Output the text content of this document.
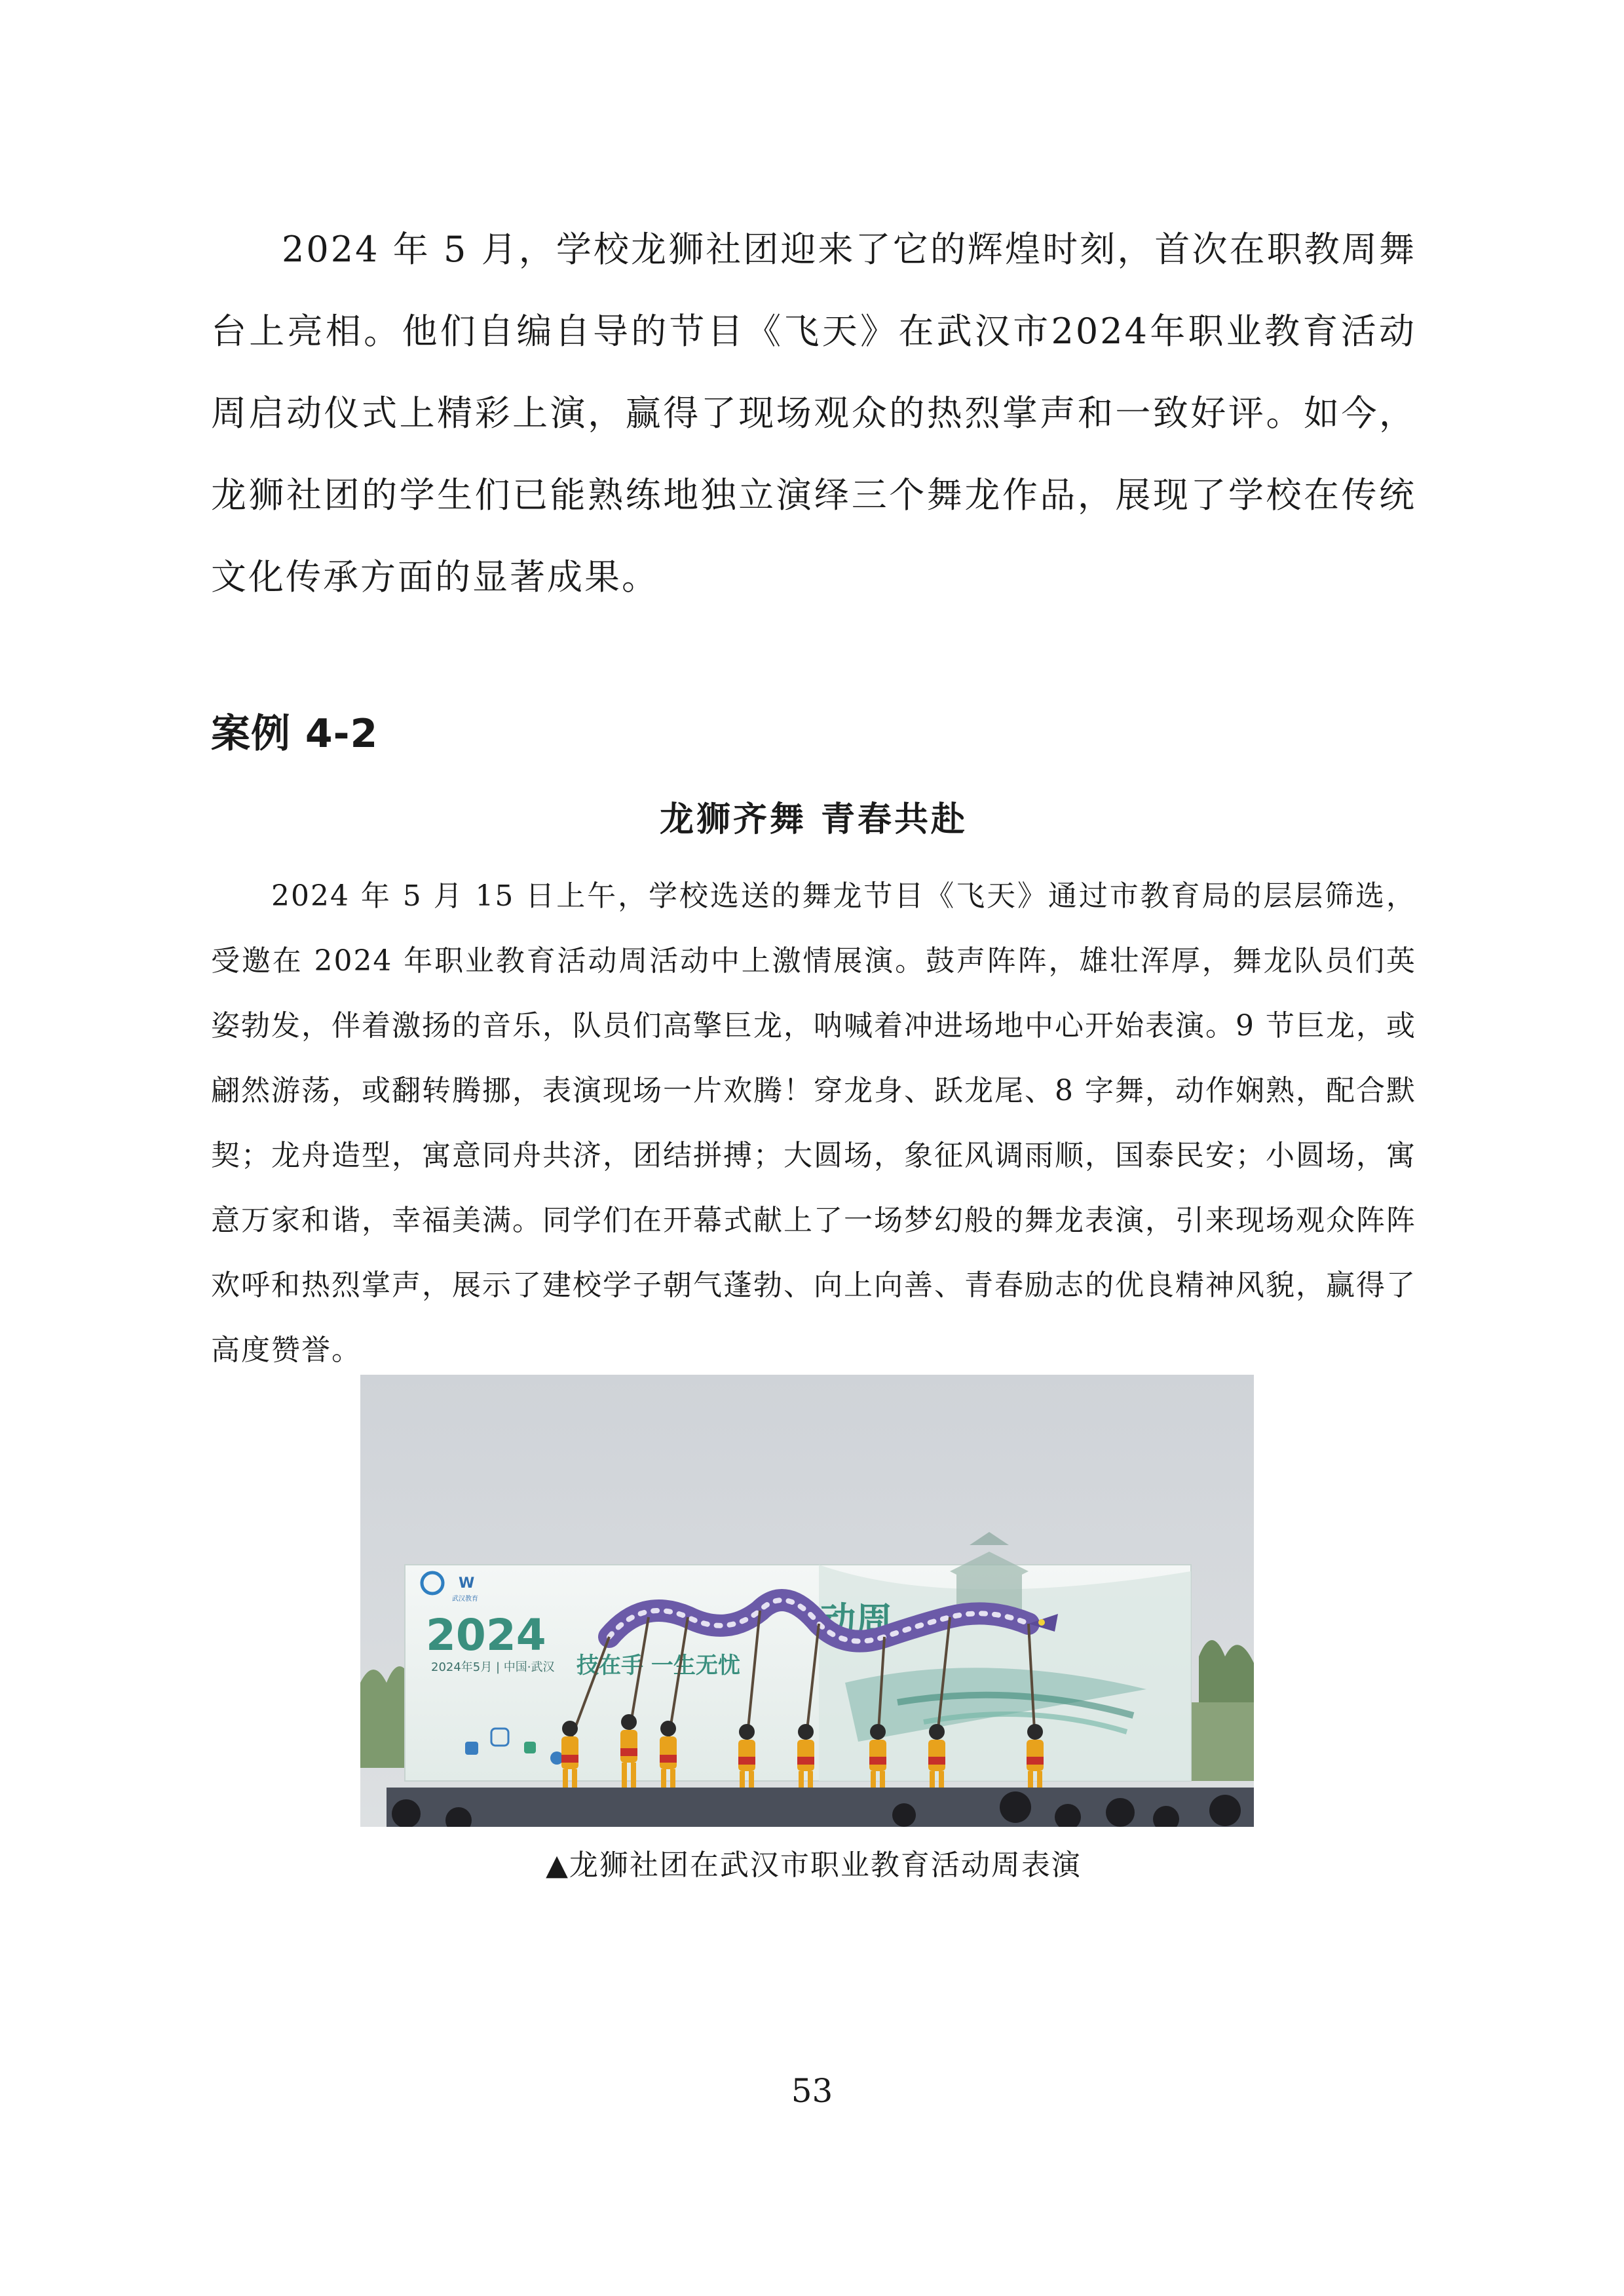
2024 年 5 月，学校龙狮社团迎来了它的辉煌时刻，首次在职教周舞台上亮相。他们自编自导的节目《飞天》在武汉市2024年职业教育活动周启动仪式上精彩上演，赢得了现场观众的热烈掌声和一致好评。如今，龙狮社团的学生们已能熟练地独立演绎三个舞龙作品，展现了学校在传统文化传承方面的显著成果。

案例 4-2
龙狮齐舞 青春共赴

2024 年 5 月 15 日上午，学校选送的舞龙节目《飞天》通过市教育局的层层筛选，受邀在 2024 年职业教育活动周活动中上激情展演。鼓声阵阵，雄壮浑厚，舞龙队员们英姿勃发，伴着激扬的音乐，队员们高擎巨龙，呐喊着冲进场地中心开始表演。9 节巨龙，或翩然游荡，或翻转腾挪，表演现场一片欢腾！穿龙身、跃龙尾、8 字舞，动作娴熟，配合默契；龙舟造型，寓意同舟共济，团结拼搏；大圆场，象征风调雨顺，国泰民安；小圆场，寓意万家和谐，幸福美满。同学们在开幕式献上了一场梦幻般的舞龙表演，引来现场观众阵阵欢呼和热烈掌声，展示了建校学子朝气蓬勃、向上向善、青春励志的优良精神风貌，赢得了高度赞誉。

W
武汉教育
2024	动周
2024年5月 | 中国·武汉 技在手 一生无忧

▲龙狮社团在武汉市职业教育活动周表演

53
